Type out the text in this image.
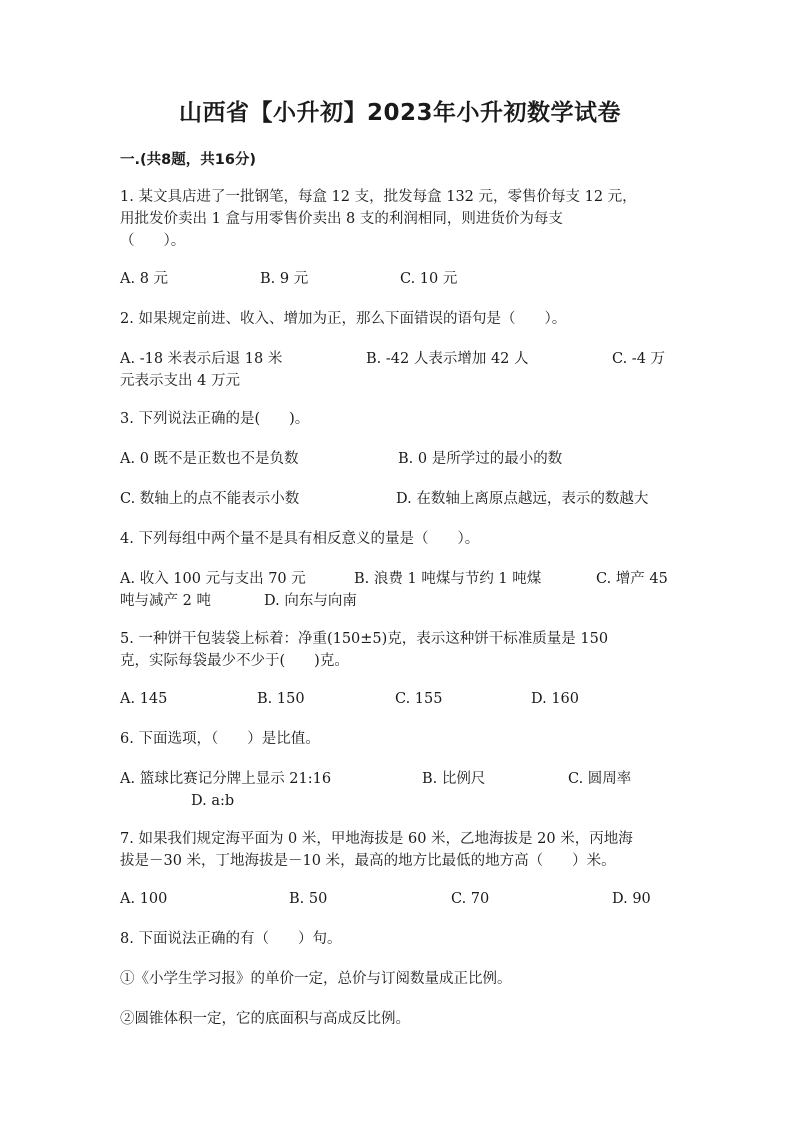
山西省【小升初】2023年小升初数学试卷
一.(共8题，共16分)
1. 某文具店进了一批钢笔，每盒 12 支，批发每盒 132 元，零售价每支 12 元，
用批发价卖出 1 盒与用零售价卖出 8 支的利润相同，则进货价为每支
（　　）。
A. 8 元	B. 9 元	C. 10 元
2. 如果规定前进、收入、增加为正，那么下面错误的语句是（　　）。
A. -18 米表示后退 18 米	B. -42 人表示增加 42 人	C. -4 万
元表示支出 4 万元
3. 下列说法正确的是(　　)。
A. 0 既不是正数也不是负数	B. 0 是所学过的最小的数
C. 数轴上的点不能表示小数	D. 在数轴上离原点越远，表示的数越大
4. 下列每组中两个量不是具有相反意义的量是（　　）。
A. 收入 100 元与支出 70 元	B. 浪费 1 吨煤与节约 1 吨煤	C. 增产 45
吨与减产 2 吨	D. 向东与向南
5. 一种饼干包装袋上标着：净重(150±5)克，表示这种饼干标准质量是 150
克，实际每袋最少不少于(　　)克。
A. 145	B. 150	C. 155	D. 160
6. 下面选项，（　　）是比值。
A. 篮球比赛记分牌上显示 21:16	B. 比例尺	C. 圆周率
D. a:b
7. 如果我们规定海平面为 0 米，甲地海拔是 60 米，乙地海拔是 20 米，丙地海
拔是－30 米，丁地海拔是－10 米，最高的地方比最低的地方高（　　）米。
A. 100	B. 50	C. 70	D. 90
8. 下面说法正确的有（　　）句。
①《小学生学习报》的单价一定，总价与订阅数量成正比例。
②圆锥体积一定，它的底面积与高成反比例。
